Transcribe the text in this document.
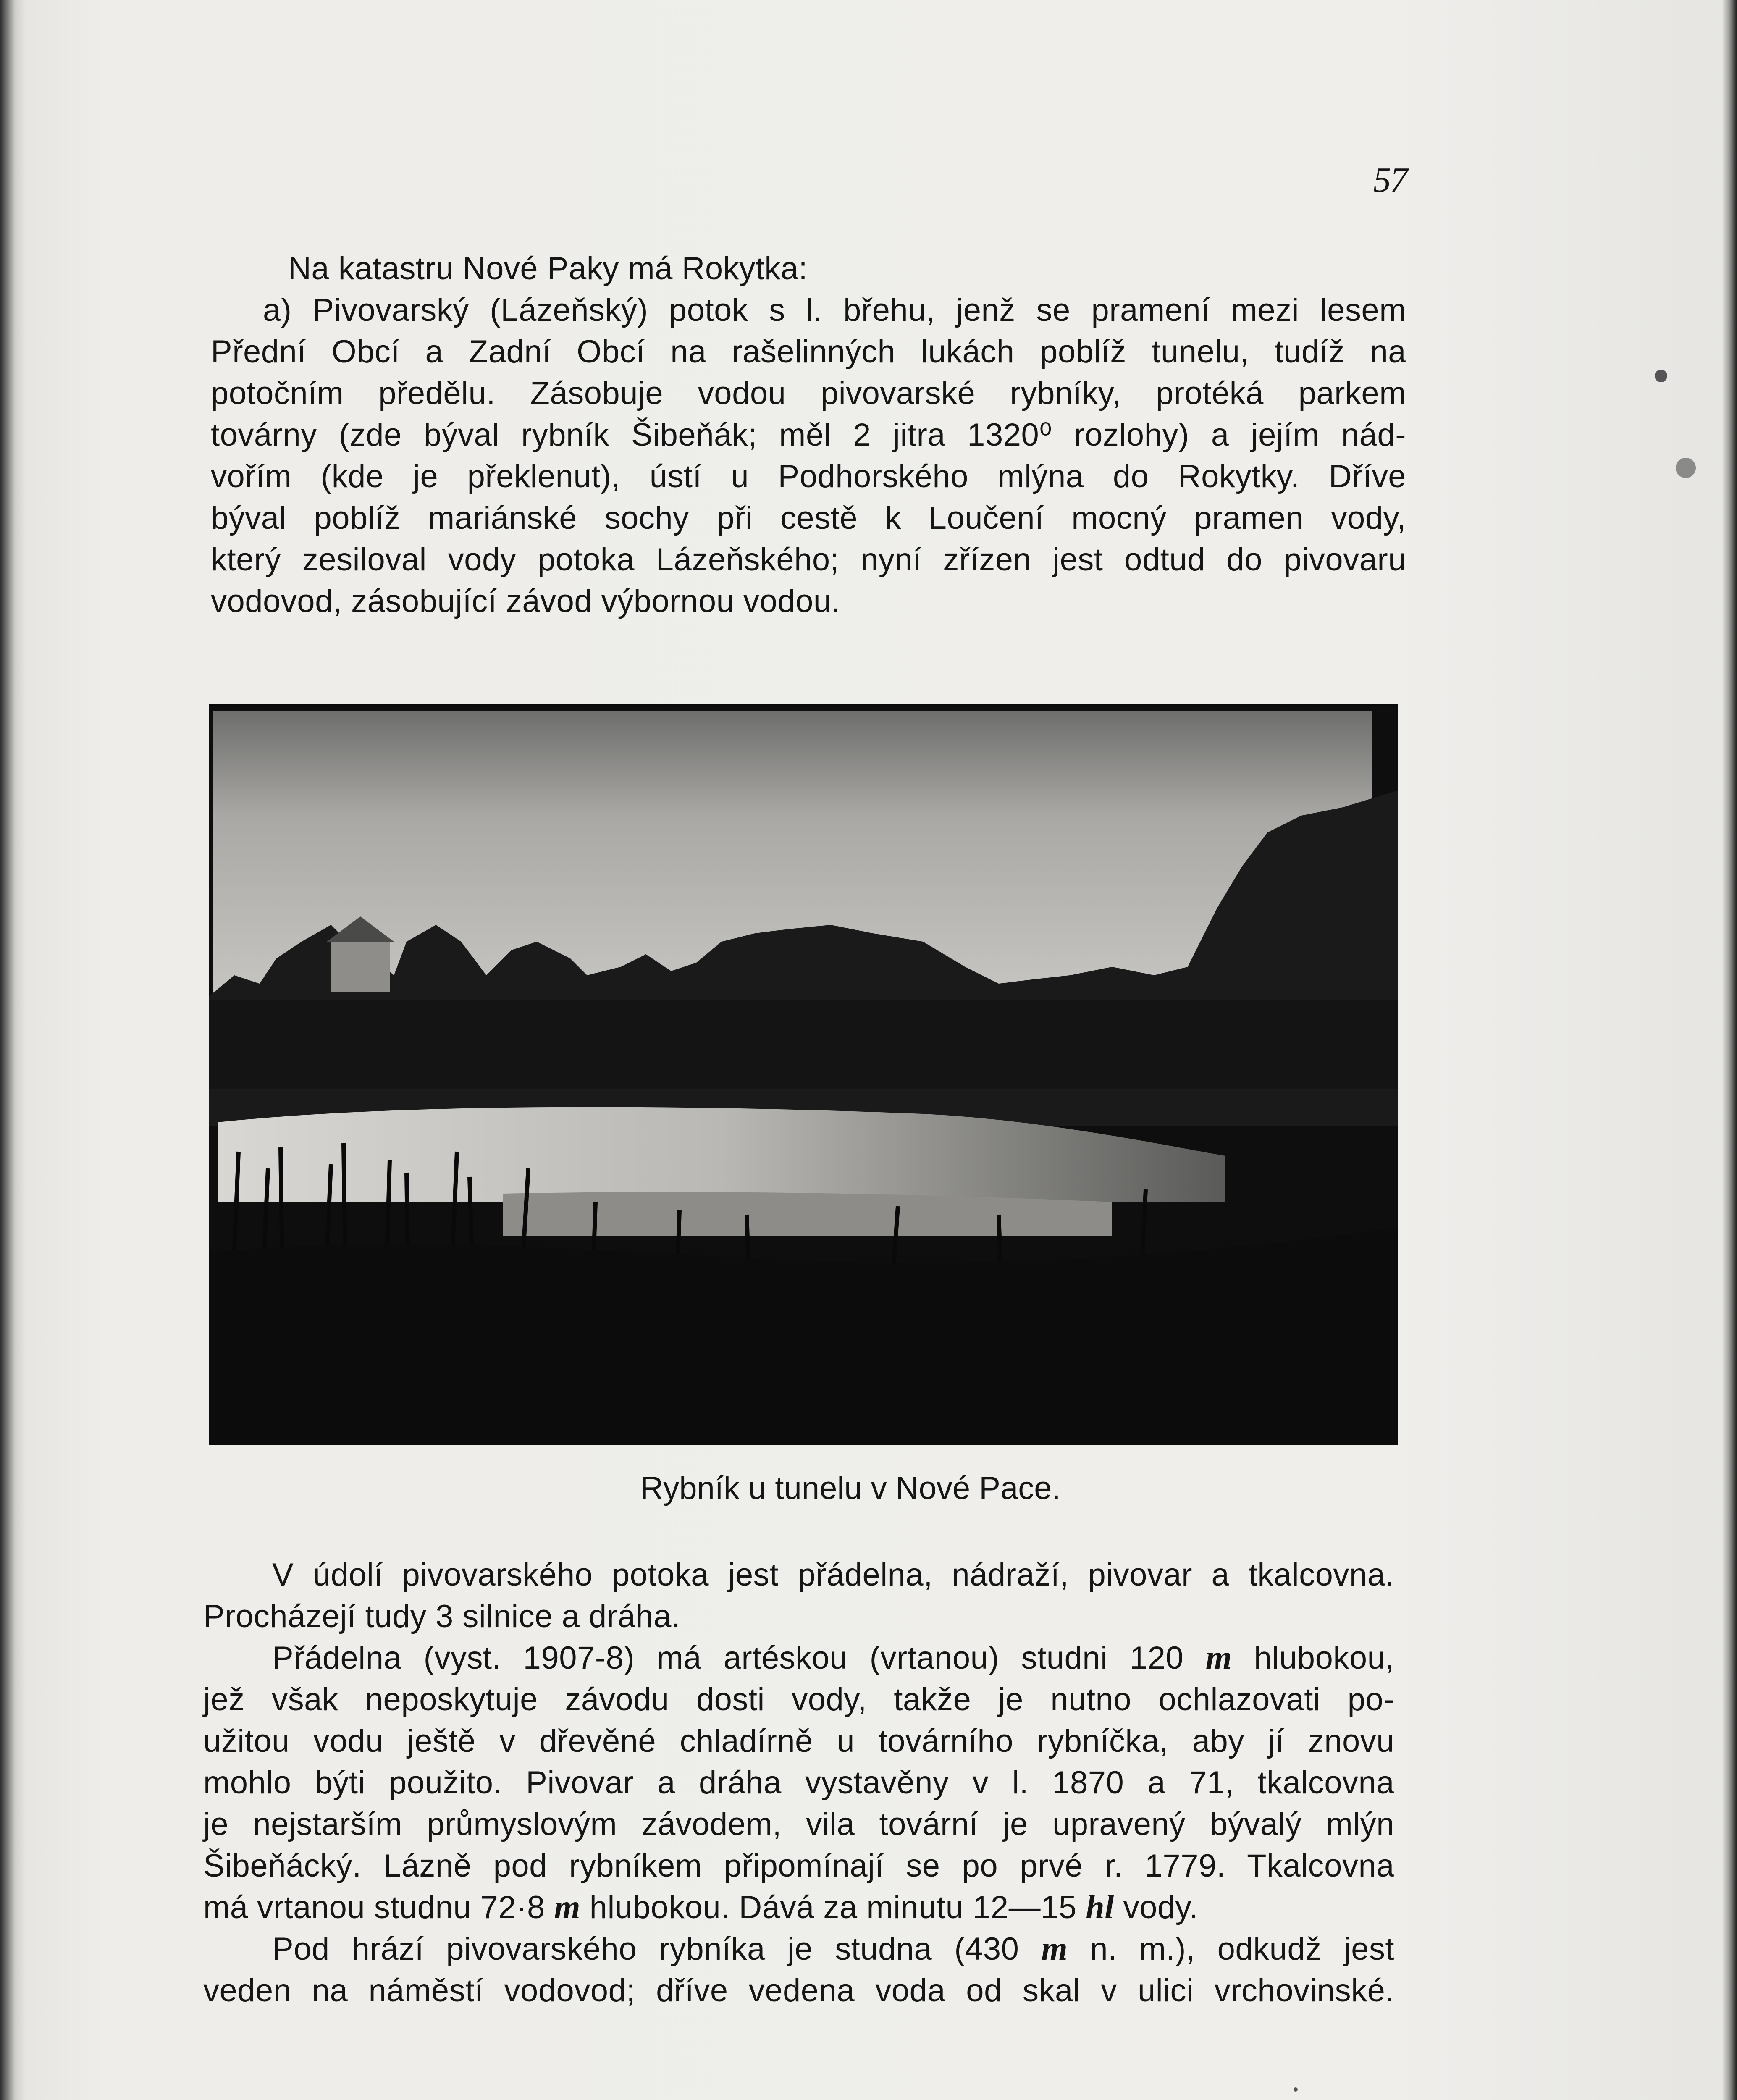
57
Na katastru Nové Paky má Rokytka:
a) Pivovarský (Lázeňský) potok s l. břehu, jenž se pramení mezi lesem
Přední Obcí a Zadní Obcí na rašelinných lukách poblíž tunelu, tudíž na
potočním předělu. Zásobuje vodou pivovarské rybníky, protéká parkem
továrny (zde býval rybník Šibeňák; měl 2 jitra 1320⁰ rozlohy) a jejím nád-
vořím (kde je překlenut), ústí u Podhorského mlýna do Rokytky. Dříve
býval poblíž mariánské sochy při cestě k Loučení mocný pramen vody,
který zesiloval vody potoka Lázeňského; nyní zřízen jest odtud do pivovaru
vodovod, zásobující závod výbornou vodou.
Rybník u tunelu v Nové Pace.
V údolí pivovarského potoka jest přádelna, nádraží, pivovar a tkalcovna.
Procházejí tudy 3 silnice a dráha.
Přádelna (vyst. 1907-8) má artéskou (vrtanou) studni 120 m hlubokou,
jež však neposkytuje závodu dosti vody, takže je nutno ochlazovati po-
užitou vodu ještě v dřevěné chladírně u továrního rybníčka, aby jí znovu
mohlo býti použito. Pivovar a dráha vystavěny v l. 1870 a 71, tkalcovna
je nejstarším průmyslovým závodem, vila tovární je upravený bývalý mlýn
Šibeňácký. Lázně pod rybníkem připomínají se po prvé r. 1779. Tkalcovna
má vrtanou studnu 72·8 m hlubokou. Dává za minutu 12—15 hl vody.
Pod hrází pivovarského rybníka je studna (430 m n. m.), odkudž jest
veden na náměstí vodovod; dříve vedena voda od skal v ulici vrchovinské.
